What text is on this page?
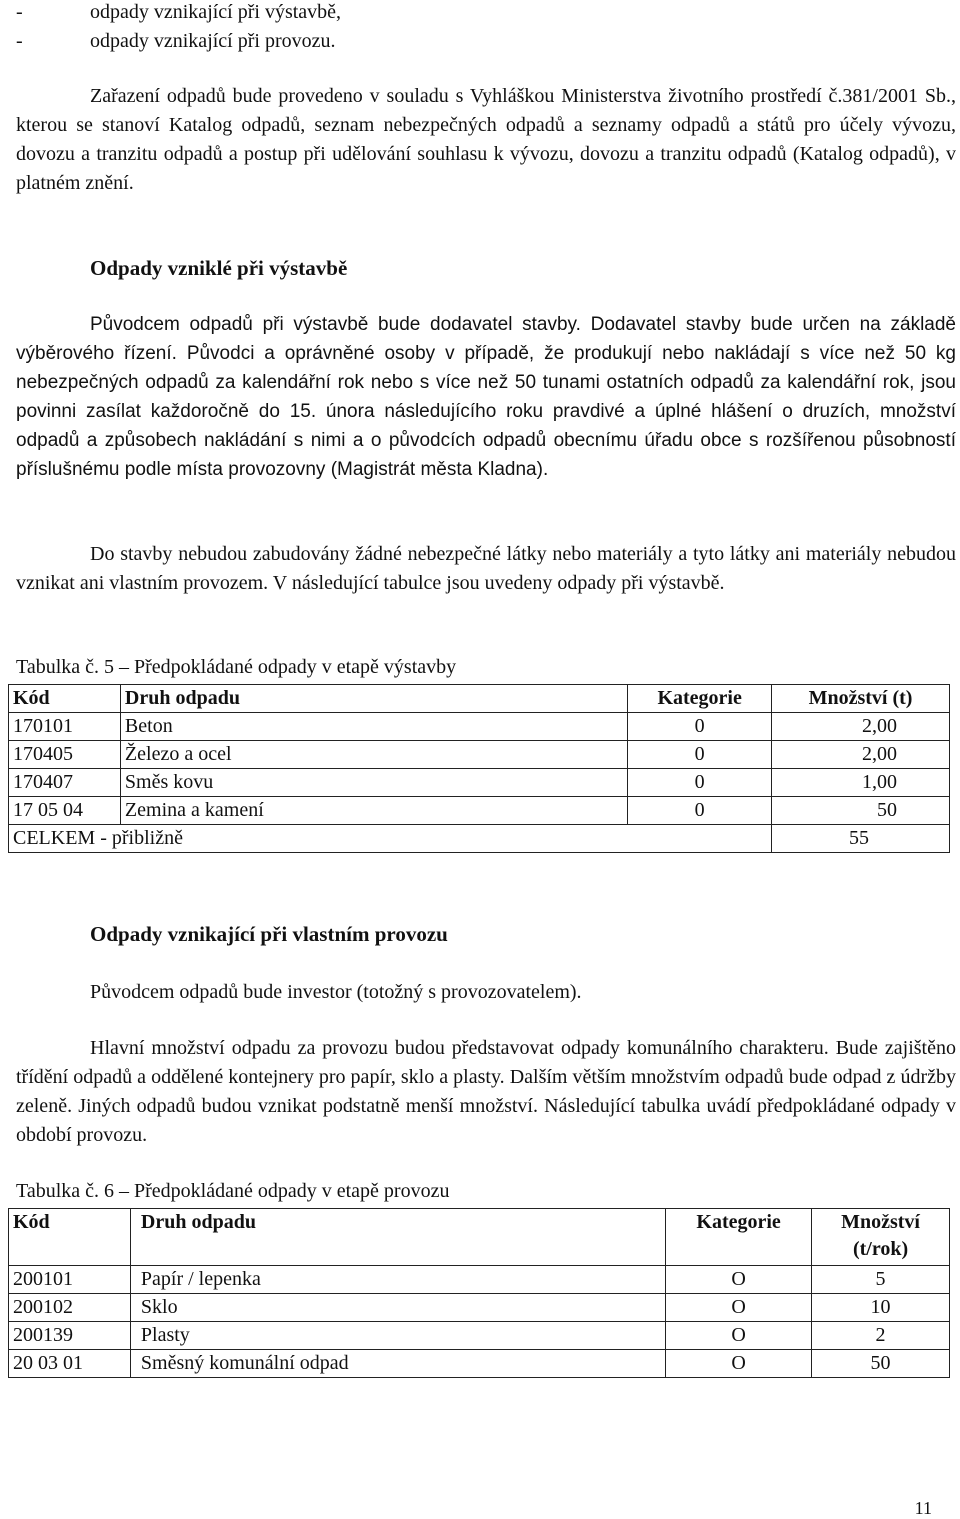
-	odpady vznikající při výstavbě,
-	odpady vznikající při provozu.
Zařazení odpadů bude provedeno v souladu s Vyhláškou Ministerstva životního prostředí č.381/2001 Sb., kterou se stanoví Katalog odpadů, seznam nebezpečných odpadů a seznamy odpadů a států pro účely vývozu, dovozu a tranzitu odpadů a postup při udělování souhlasu k vývozu, dovozu a tranzitu odpadů (Katalog odpadů), v platném znění.
Odpady vzniklé při výstavbě
Původcem odpadů při výstavbě bude dodavatel stavby. Dodavatel stavby bude určen na základě výběrového řízení. Původci a oprávněné osoby v případě, že produkují nebo nakládají s více než 50 kg nebezpečných odpadů za kalendářní rok nebo s více než 50 tunami ostatních odpadů za kalendářní rok, jsou povinni zasílat každoročně do 15. února následujícího roku pravdivé a úplné hlášení o druzích, množství odpadů a způsobech nakládání s nimi a o původcích odpadů obecnímu úřadu obce s rozšířenou působností příslušnému podle místa provozovny (Magistrát města Kladna).
Do stavby nebudou zabudovány žádné nebezpečné látky nebo materiály a tyto látky ani materiály nebudou vznikat ani vlastním provozem. V následující tabulce jsou uvedeny odpady při výstavbě.
Tabulka č. 5 – Předpokládané odpady v etapě výstavby
Kód	Druh odpadu	Kategorie	Množství (t)
170101	Beton	0	2,00
170405	Železo a ocel	0	2,00
170407	Směs kovu	0	1,00
17 05 04	Zemina a kamení	0	50
CELKEM - přibližně			55
Odpady vznikající při vlastním provozu
Původcem odpadů bude investor (totožný s provozovatelem).
Hlavní množství odpadu za provozu budou představovat odpady komunálního charakteru. Bude zajištěno třídění odpadů a oddělené kontejnery pro papír, sklo a plasty. Dalším větším množstvím odpadů bude odpad z údržby zeleně. Jiných odpadů budou vznikat podstatně menší množství. Následující tabulka uvádí předpokládané odpady v období provozu.
Tabulka č. 6 – Předpokládané odpady v etapě provozu
Kód	Druh odpadu	Kategorie	Množství (t/rok)
200101	Papír / lepenka	O	5
200102	Sklo	O	10
200139	Plasty	O	2
20 03 01	Směsný komunální odpad	O	50
11
